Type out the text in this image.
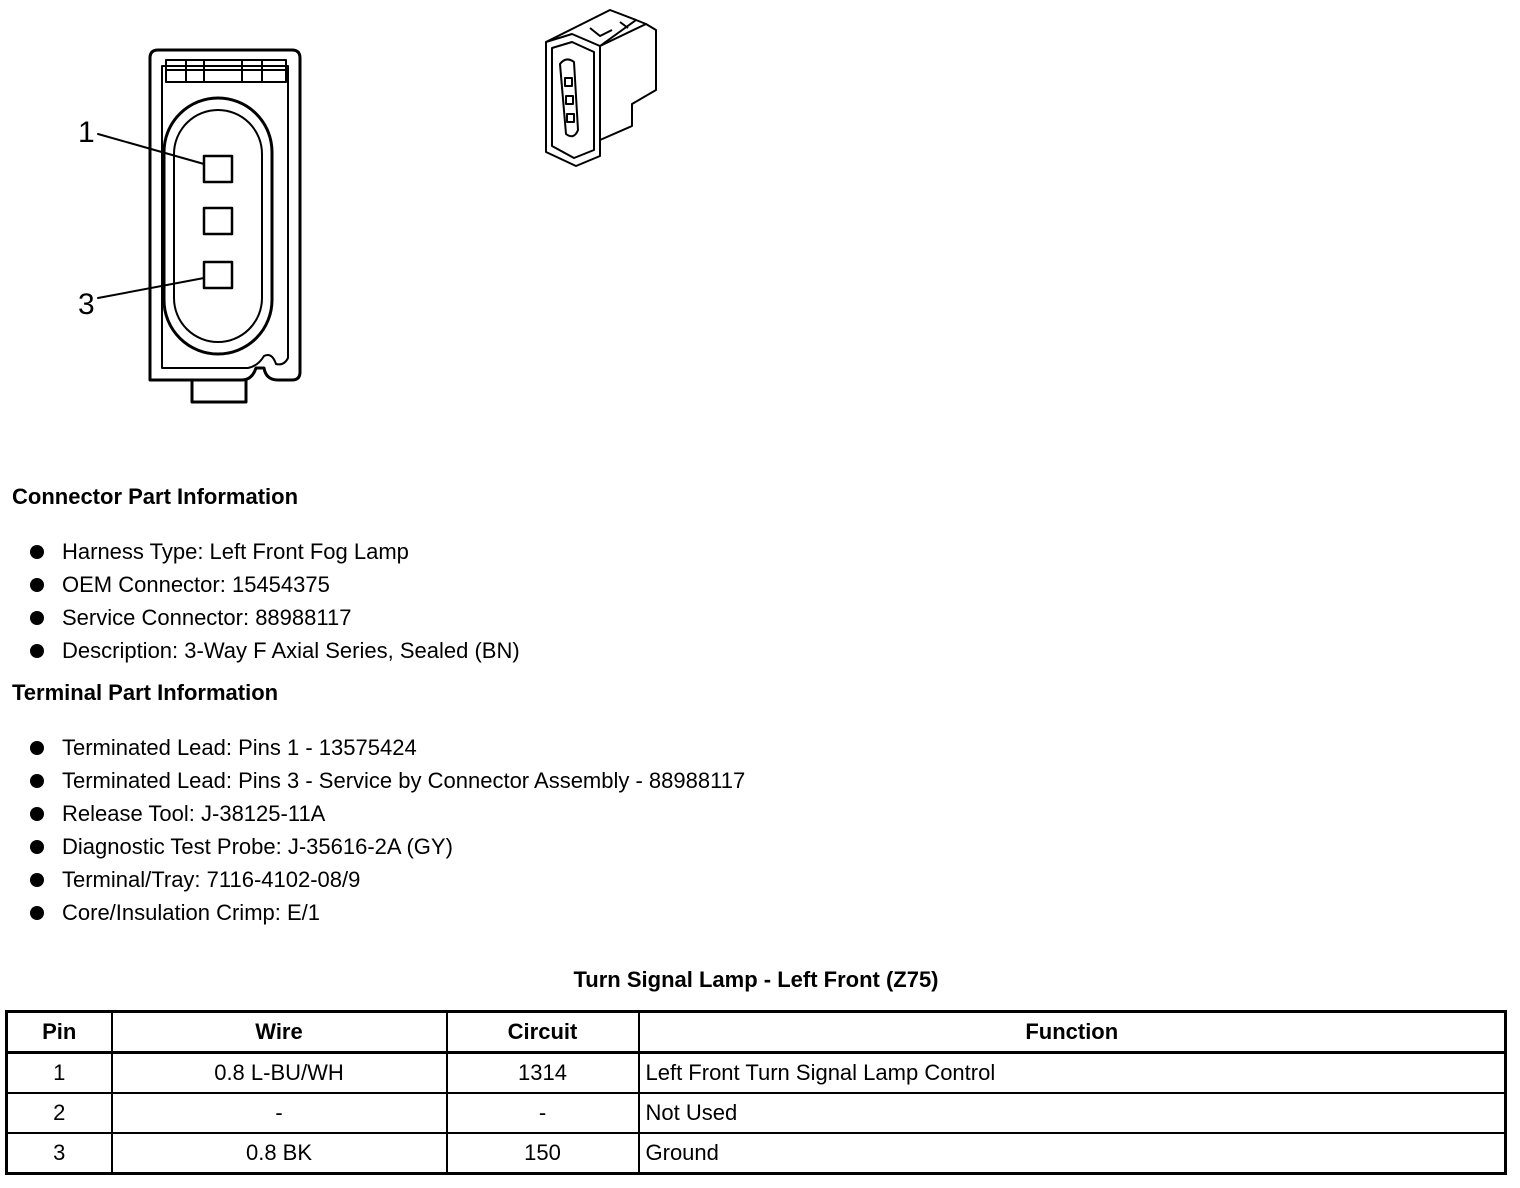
1
3
Connector Part Information
Harness Type: Left Front Fog Lamp
OEM Connector: 15454375
Service Connector: 88988117
Description: 3-Way F Axial Series, Sealed (BN)
Terminal Part Information
Terminated Lead: Pins 1 - 13575424
Terminated Lead: Pins 3 - Service by Connector Assembly - 88988117
Release Tool: J-38125-11A
Diagnostic Test Probe: J-35616-2A (GY)
Terminal/Tray: 7116-4102-08/9
Core/Insulation Crimp: E/1
Turn Signal Lamp - Left Front (Z75)
Pin	Wire	Circuit	Function
1	0.8 L-BU/WH	1314	Left Front Turn Signal Lamp Control
2	-	-	Not Used
3	0.8 BK	150	Ground
